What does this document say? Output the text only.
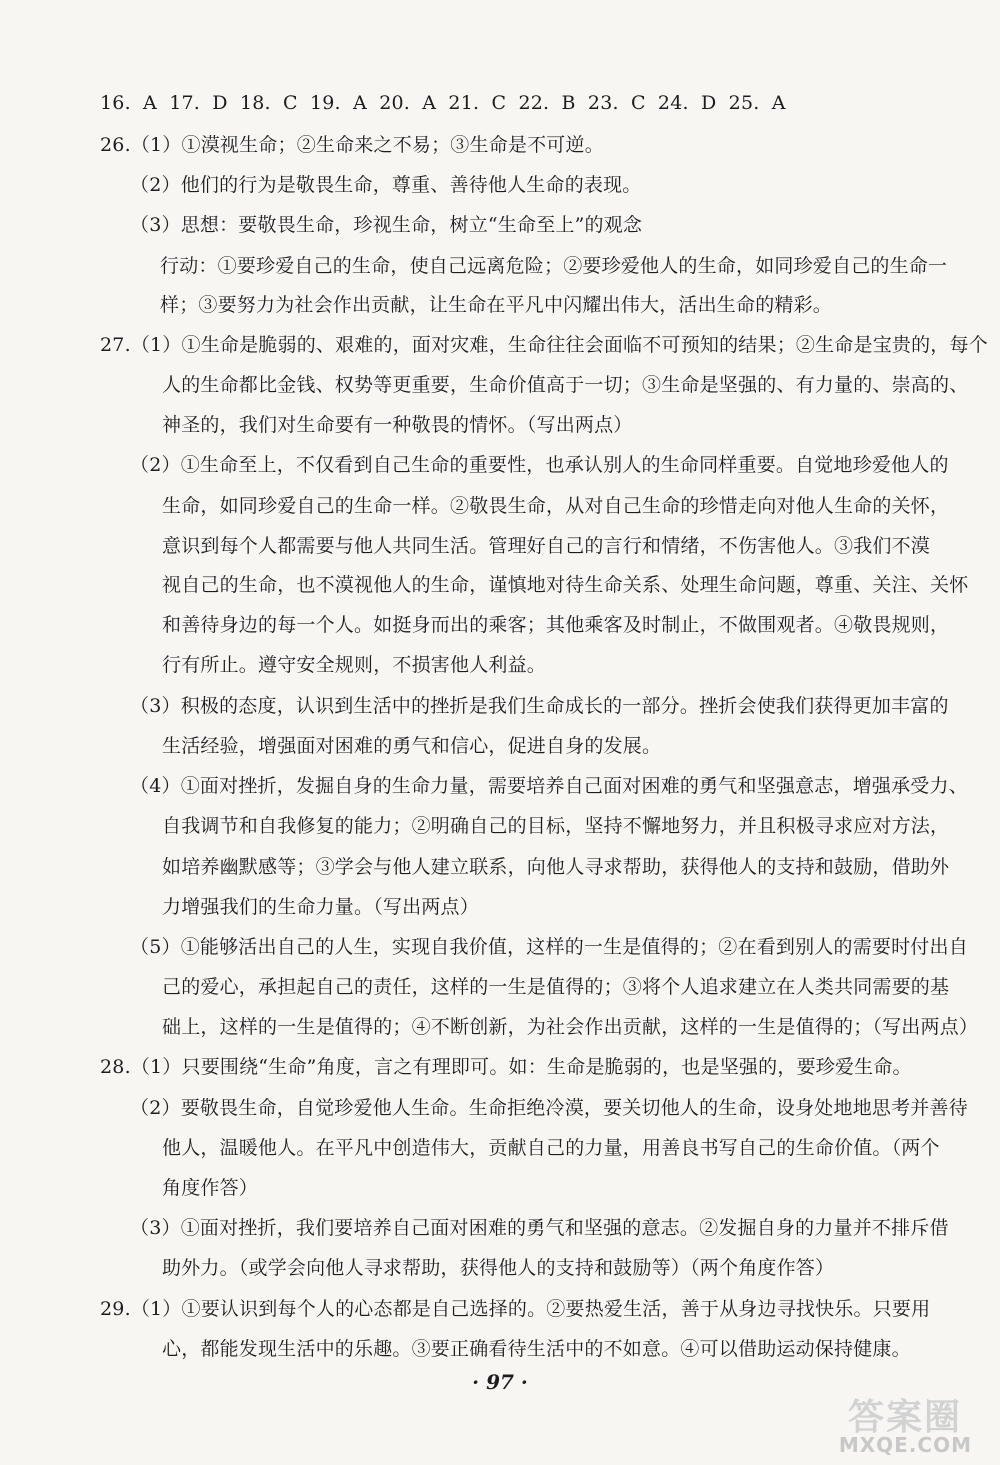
16. A 17. D 18. C 19. A 20. A 21. C 22. B 23. C 24. D 25. A
26.（1）①漠视生命；②生命来之不易；③生命是不可逆。
（2）他们的行为是敬畏生命，尊重、善待他人生命的表现。
（3）思想：要敬畏生命，珍视生命，树立“生命至上”的观念
行动：①要珍爱自己的生命，使自己远离危险；②要珍爱他人的生命，如同珍爱自己的生命一
样；③要努力为社会作出贡献，让生命在平凡中闪耀出伟大，活出生命的精彩。
27.（1）①生命是脆弱的、艰难的，面对灾难，生命往往会面临不可预知的结果；②生命是宝贵的，每个
人的生命都比金钱、权势等更重要，生命价值高于一切；③生命是坚强的、有力量的、崇高的、
神圣的，我们对生命要有一种敬畏的情怀。（写出两点）
（2）①生命至上，不仅看到自己生命的重要性，也承认别人的生命同样重要。自觉地珍爱他人的
生命，如同珍爱自己的生命一样。②敬畏生命，从对自己生命的珍惜走向对他人生命的关怀，
意识到每个人都需要与他人共同生活。管理好自己的言行和情绪，不伤害他人。③我们不漠
视自己的生命，也不漠视他人的生命，谨慎地对待生命关系、处理生命问题，尊重、关注、关怀
和善待身边的每一个人。如挺身而出的乘客；其他乘客及时制止，不做围观者。④敬畏规则，
行有所止。遵守安全规则，不损害他人利益。
（3）积极的态度，认识到生活中的挫折是我们生命成长的一部分。挫折会使我们获得更加丰富的
生活经验，增强面对困难的勇气和信心，促进自身的发展。
（4）①面对挫折，发掘自身的生命力量，需要培养自己面对困难的勇气和坚强意志，增强承受力、
自我调节和自我修复的能力；②明确自己的目标，坚持不懈地努力，并且积极寻求应对方法，
如培养幽默感等；③学会与他人建立联系，向他人寻求帮助，获得他人的支持和鼓励，借助外
力增强我们的生命力量。（写出两点）
（5）①能够活出自己的人生，实现自我价值，这样的一生是值得的；②在看到别人的需要时付出自
己的爱心，承担起自己的责任，这样的一生是值得的；③将个人追求建立在人类共同需要的基
础上，这样的一生是值得的；④不断创新，为社会作出贡献，这样的一生是值得的；（写出两点）
28.（1）只要围绕“生命”角度，言之有理即可。如：生命是脆弱的，也是坚强的，要珍爱生命。
（2）要敬畏生命，自觉珍爱他人生命。生命拒绝冷漠，要关切他人的生命，设身处地地思考并善待
他人，温暖他人。在平凡中创造伟大，贡献自己的力量，用善良书写自己的生命价值。（两个
角度作答）
（3）①面对挫折，我们要培养自己面对困难的勇气和坚强的意志。②发掘自身的力量并不排斥借
助外力。（或学会向他人寻求帮助，获得他人的支持和鼓励等）（两个角度作答）
29.（1）①要认识到每个人的心态都是自己选择的。②要热爱生活，善于从身边寻找快乐。只要用
心，都能发现生活中的乐趣。③要正确看待生活中的不如意。④可以借助运动保持健康。
· 97 ·
答案圈
MXQE.COM
